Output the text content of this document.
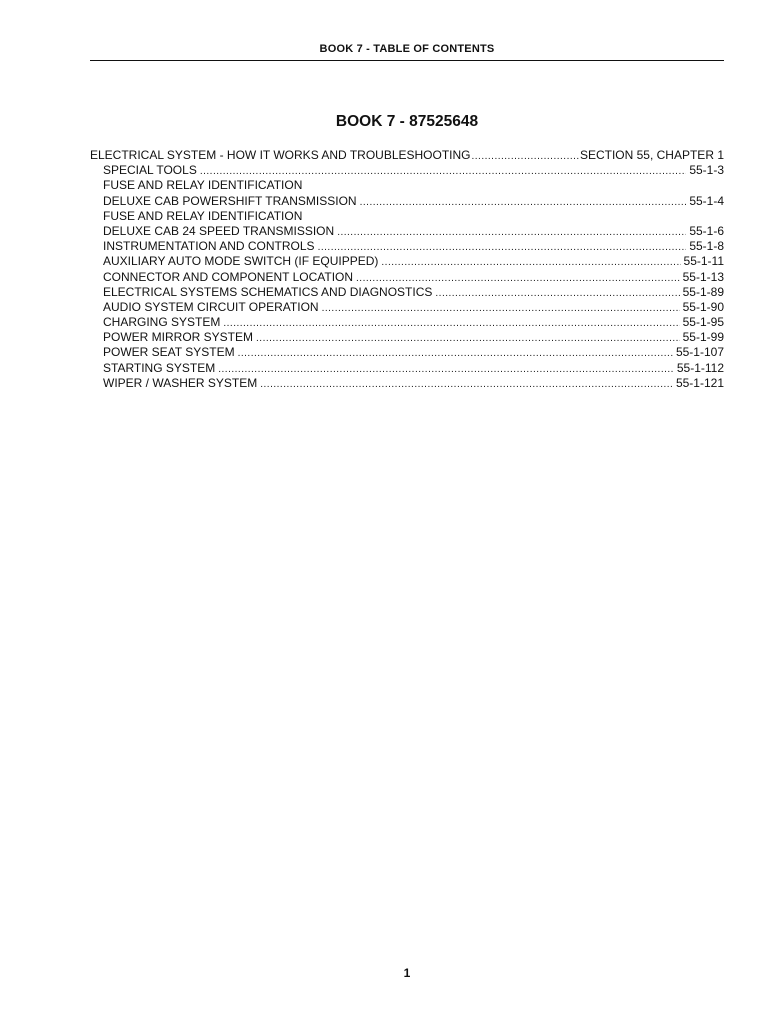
BOOK 7 - TABLE OF CONTENTS
BOOK 7 - 87525648
ELECTRICAL SYSTEM - HOW IT WORKS AND TROUBLESHOOTING .....	SECTION 55, CHAPTER 1
SPECIAL TOOLS .....	55-1-3
FUSE AND RELAY IDENTIFICATION
DELUXE CAB POWERSHIFT TRANSMISSION .....	55-1-4
FUSE AND RELAY IDENTIFICATION
DELUXE CAB 24 SPEED TRANSMISSION .....	55-1-6
INSTRUMENTATION AND CONTROLS .....	55-1-8
AUXILIARY AUTO MODE SWITCH (IF EQUIPPED) .....	55-1-11
CONNECTOR AND COMPONENT LOCATION .....	55-1-13
ELECTRICAL SYSTEMS SCHEMATICS AND DIAGNOSTICS .....	55-1-89
AUDIO SYSTEM CIRCUIT OPERATION .....	55-1-90
CHARGING SYSTEM .....	55-1-95
POWER MIRROR SYSTEM .....	55-1-99
POWER SEAT SYSTEM .....	55-1-107
STARTING SYSTEM .....	55-1-112
WIPER / WASHER SYSTEM .....	55-1-121
1
